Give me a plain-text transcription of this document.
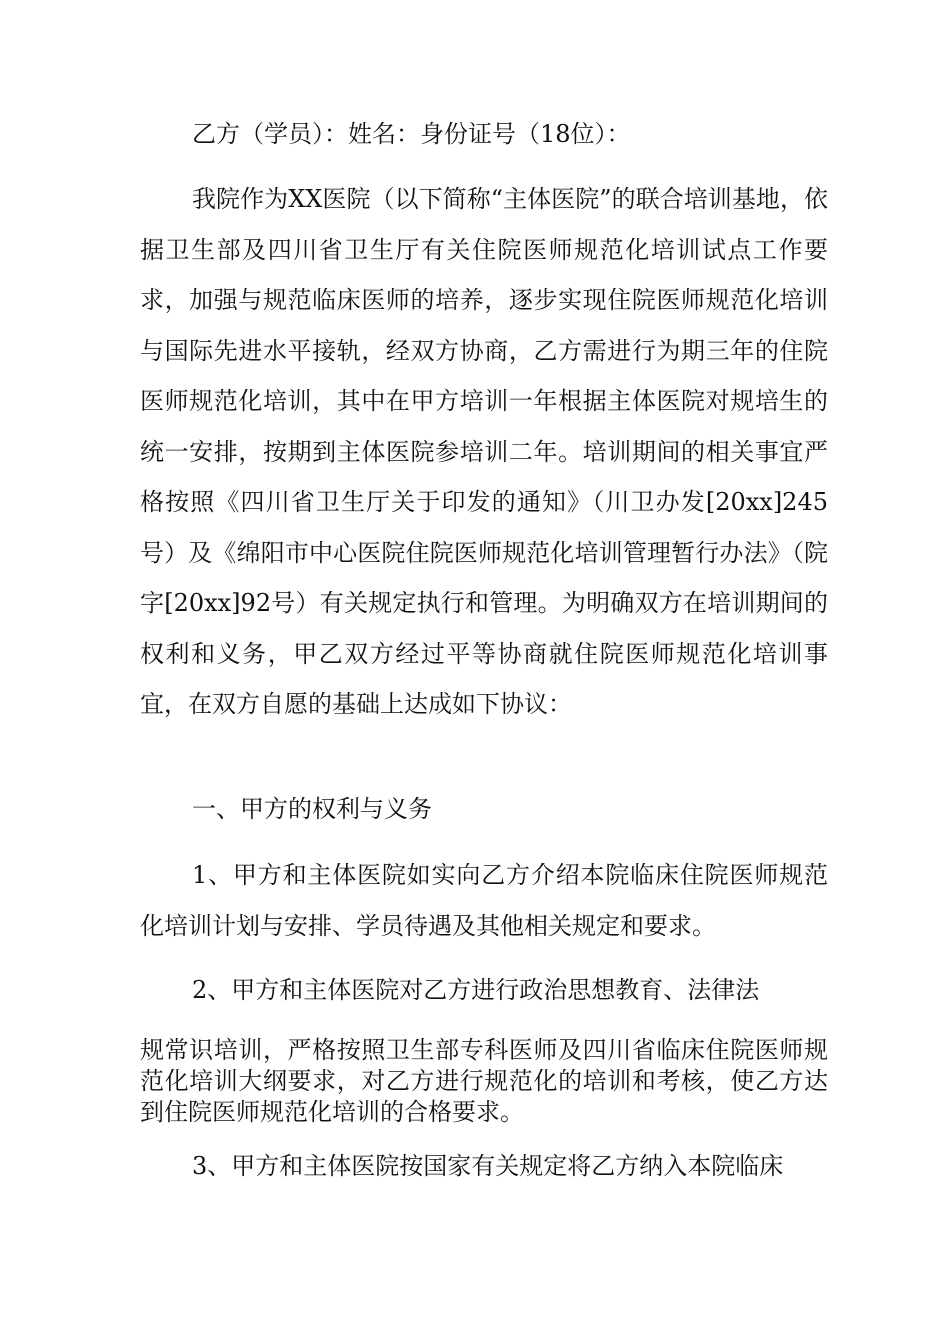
乙方（学员）：姓名：身份证号（18位）：

我院作为XX医院（以下简称“主体医院”的联合培训基地，依据卫生部及四川省卫生厅有关住院医师规范化培训试点工作要求，加强与规范临床医师的培养，逐步实现住院医师规范化培训与国际先进水平接轨，经双方协商，乙方需进行为期三年的住院医师规范化培训，其中在甲方培训一年根据主体医院对规培生的统一安排，按期到主体医院参培训二年。培训期间的相关事宜严格按照《四川省卫生厅关于印发的通知》（川卫办发[20xx]245号）及《绵阳市中心医院住院医师规范化培训管理暂行办法》（院字[20xx]92号）有关规定执行和管理。为明确双方在培训期间的权利和义务，甲乙双方经过平等协商就住院医师规范化培训事宜，在双方自愿的基础上达成如下协议：

一、甲方的权利与义务

1、甲方和主体医院如实向乙方介绍本院临床住院医师规范化培训计划与安排、学员待遇及其他相关规定和要求。

2、甲方和主体医院对乙方进行政治思想教育、法律法

规常识培训，严格按照卫生部专科医师及四川省临床住院医师规范化培训大纲要求，对乙方进行规范化的培训和考核，使乙方达到住院医师规范化培训的合格要求。

3、甲方和主体医院按国家有关规定将乙方纳入本院临床
